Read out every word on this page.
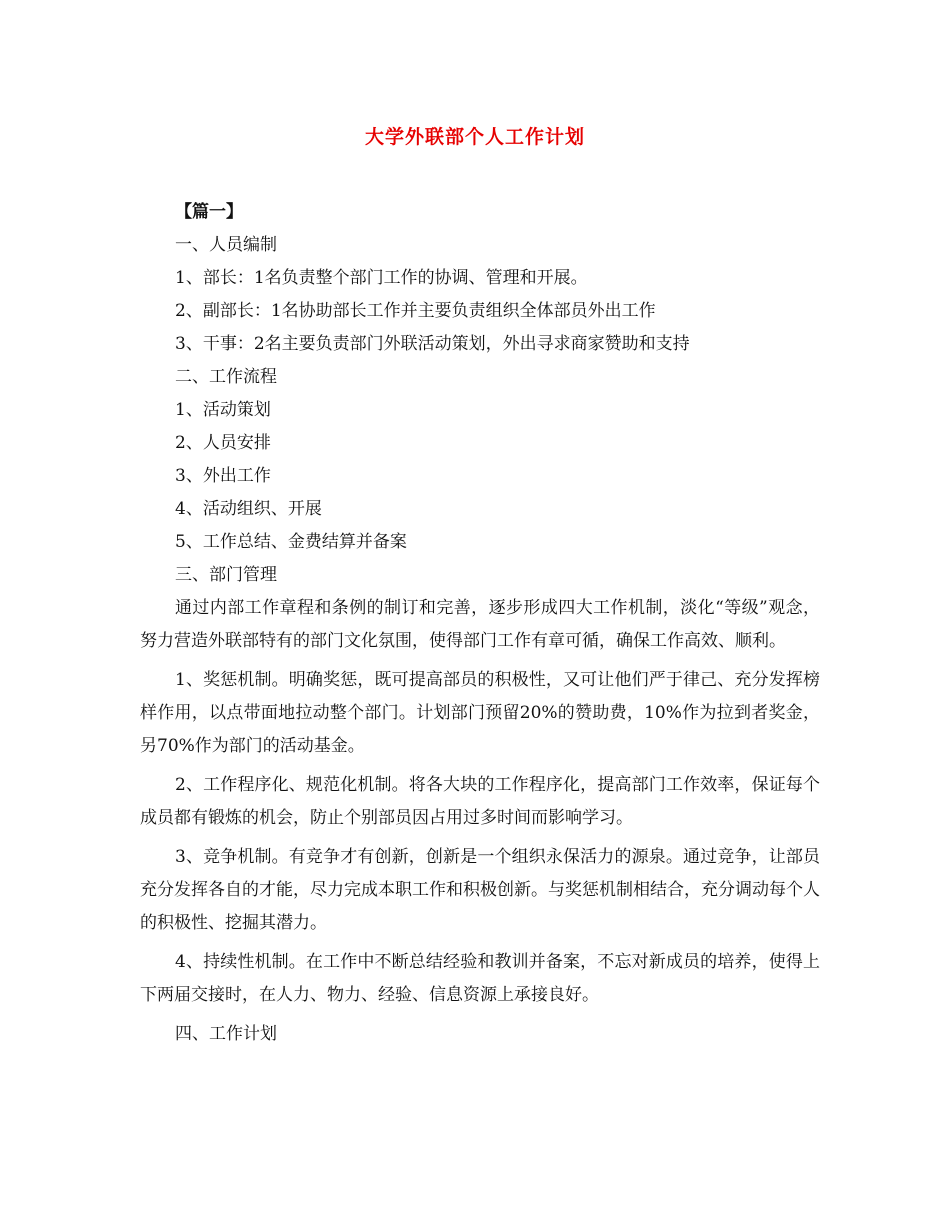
大学外联部个人工作计划
【篇一】
一、人员编制
1、部长：1名负责整个部门工作的协调、管理和开展。
2、副部长：1名协助部长工作并主要负责组织全体部员外出工作
3、干事：2名主要负责部门外联活动策划，外出寻求商家赞助和支持
二、工作流程
1、活动策划
2、人员安排
3、外出工作
4、活动组织、开展
5、工作总结、金费结算并备案
三、部门管理
通过内部工作章程和条例的制订和完善，逐步形成四大工作机制，淡化“等级”观念，努力营造外联部特有的部门文化氛围，使得部门工作有章可循，确保工作高效、顺利。
1、奖惩机制。明确奖惩，既可提高部员的积极性，又可让他们严于律己、充分发挥榜样作用，以点带面地拉动整个部门。计划部门预留20%的赞助费，10%作为拉到者奖金，另70%作为部门的活动基金。
2、工作程序化、规范化机制。将各大块的工作程序化，提高部门工作效率，保证每个成员都有锻炼的机会，防止个别部员因占用过多时间而影响学习。
3、竞争机制。有竞争才有创新，创新是一个组织永保活力的源泉。通过竞争，让部员充分发挥各自的才能，尽力完成本职工作和积极创新。与奖惩机制相结合，充分调动每个人的积极性、挖掘其潜力。
4、持续性机制。在工作中不断总结经验和教训并备案，不忘对新成员的培养，使得上下两届交接时，在人力、物力、经验、信息资源上承接良好。
四、工作计划
